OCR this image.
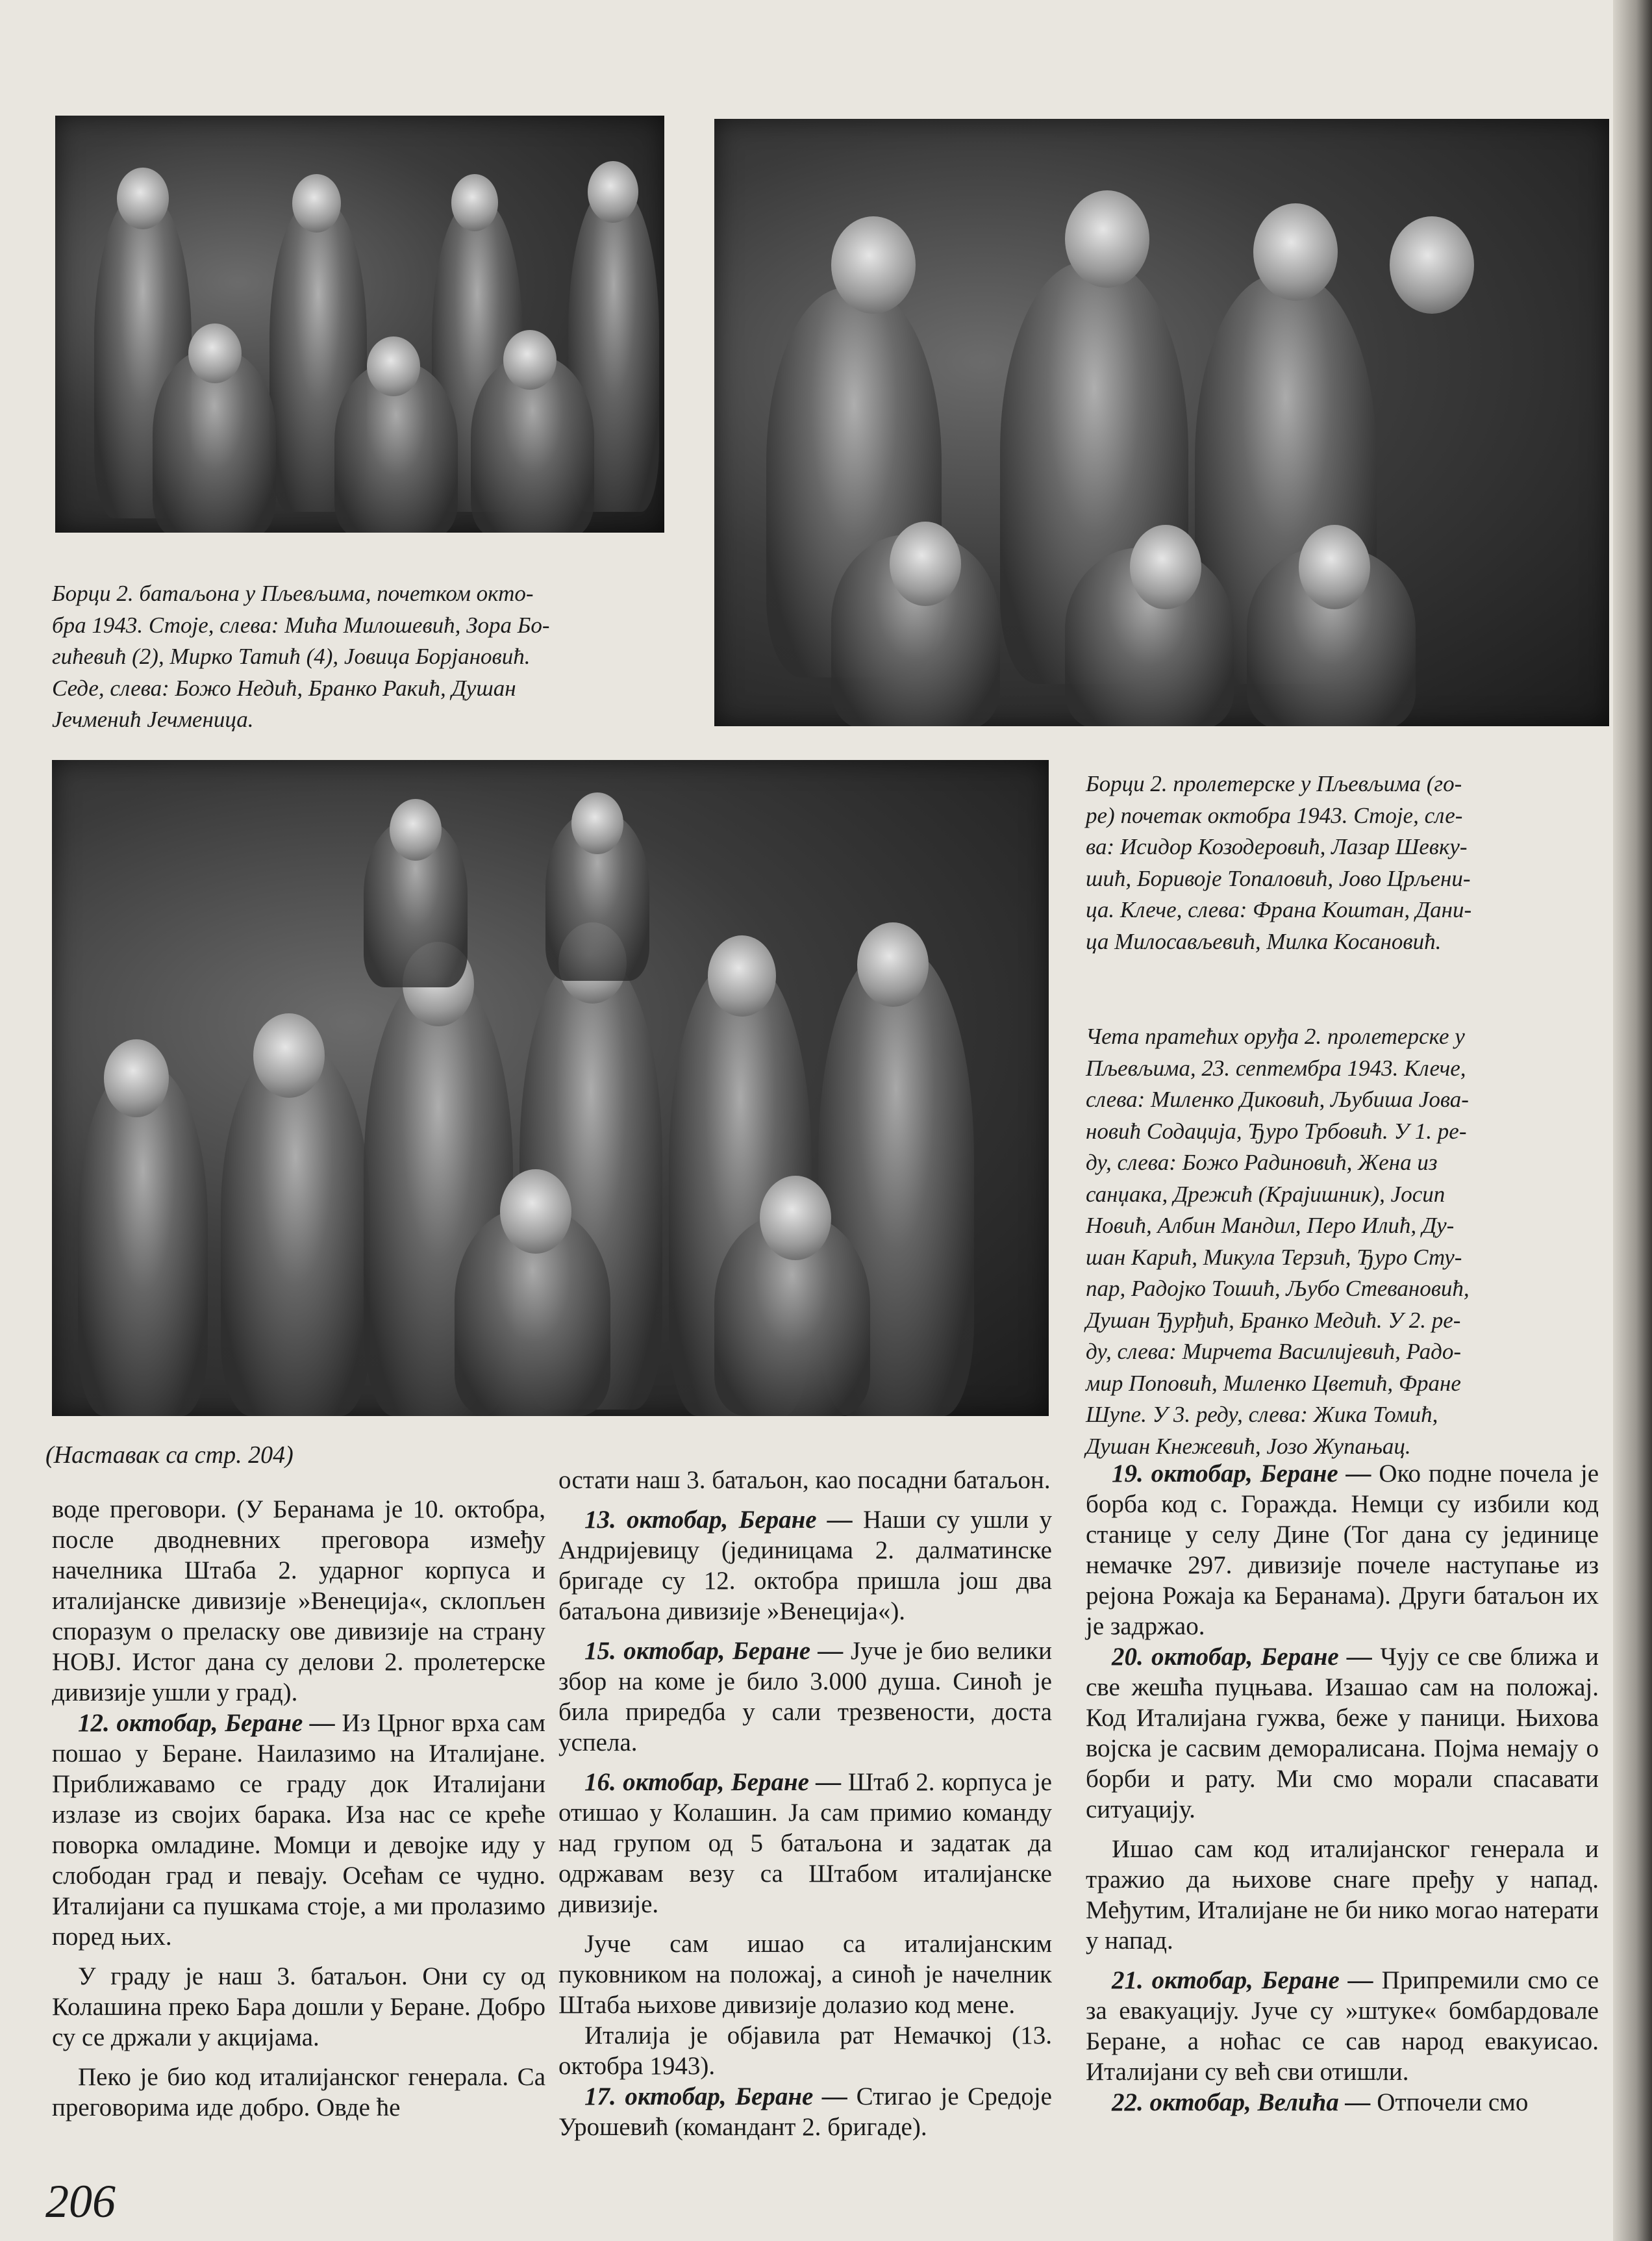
Борци 2. батаљона у Пљевљима, почетком окто-

бра 1943. Стоје, слева: Миħа Милошевиħ, Зора Бо-

гиħевиħ (2), Мирко Татиħ (4), Јовица Борјановиħ.

Седе, слева: Божо Недиħ, Бранко Ракиħ, Душан

Јечмениħ Јечменица.

Борци 2. пролетерске у Пљевљима (го-

ре) почетак октобра 1943. Стоје, сле-

ва: Исидор Козодеровиħ, Лазар Шевку-

шиħ, Боривоје Топаловиħ, Јово Црљени-

ца. Клече, слева: Франа Коштан, Дани-

ца Милосављевиħ, Милка Косановиħ.

Чета пратеħих оруђа 2. пролетерске у

Пљевљима, 23. септембра 1943. Клече,

слева: Миленко Диковиħ, Љубиша Јова-

новиħ Содација, Ђуро Трбовиħ. У 1. ре-

ду, слева: Божо Радиновиħ, Жена из

санџака, Дрежиħ (Крајишник), Јосип

Новиħ, Албин Мандил, Перо Илиħ, Ду-

шан Кариħ, Микула Терзиħ, Ђуро Сту-

пар, Радојко Тошиħ, Љубо Стевановиħ,

Душан Ђурђиħ, Бранко Медиħ. У 2. ре-

ду, слева: Мирчета Василијевиħ, Радо-

мир Поповиħ, Миленко Цветиħ, Фране

Шупе. У 3. реду, слева: Жика Томиħ,

Душан Кнежевиħ, Јозо Жупањац.

(Наставак са стр. 204)

воде преговори. (У Беранама је 10. октобра, после дводневних преговора између начелника Штаба 2. ударног корпуса и италијанске дивизије »Венеција«, склопљен споразум о преласку ове дивизије на страну НОВЈ. Истог дана су делови 2. пролетерске дивизије ушли у град).

12. октобар, Беране — Из Црног врха сам пошао у Беране. Наилазимо на Италијане. Приближавамо се граду док Италијани излазе из својих барака. Иза нас се креħе поворка омладине. Момци и девојке иду у слободан град и певају. Осеħам се чудно. Италијани са пушкама стоје, а ми пролазимо поред њих.

У граду је наш 3. батаљон. Они су од Колашина преко Бара дошли у Беране. Добро су се држали у акцијама.

Пеко је био код италијанског генерала. Са преговорима иде добро. Овде ħе

остати наш 3. батаљон, као посадни батаљон.

13. октобар, Беране — Наши су ушли у Андријевицу (јединицама 2. далматинске бригаде су 12. октобра пришла још два батаљона дивизије »Венеција«).

15. октобар, Беране — Јуче је био велики збор на коме је било 3.000 душа. Синоħ је била приредба у сали трезвености, доста успела.

16. октобар, Беране — Штаб 2. корпуса је отишао у Колашин. Ја сам примио команду над групом од 5 батаљона и задатак да одржавам везу са Штабом италијанске дивизије.

Јуче сам ишао са италијанским пуковником на положај, а синоħ је начелник Штаба њихове дивизије долазио код мене.

Италија је објавила рат Немачкој (13. октобра 1943).

17. октобар, Беране — Стигао је Средоје Урошевиħ (командант 2. бригаде).

19. октобар, Беране — Око подне почела је борба код с. Горажда. Немци су избили код станице у селу Дине (Тог дана су јединице немачке 297. дивизије почеле наступање из рејона Рожаја ка Беранама). Други батаљон их је задржао.

20. октобар, Беране — Чују се све ближа и све жешħа пуцњава. Изашао сам на положај. Код Италијана гужва, беже у паници. Њихова војска је сасвим деморалисана. Појма немају о борби и рату. Ми смо морали спасавати ситуацију.

Ишао сам код италијанског генерала и тражио да њихове снаге пређу у напад. Међутим, Италијане не би нико могао натерати у напад.

21. октобар, Беране — Припремили смо се за евакуацију. Јуче су »штуке« бомбардовале Беране, а ноħас се сав народ евакуисао. Италијани су веħ сви отишли.

22. октобар, Велиħа — Отпочели смо

206
